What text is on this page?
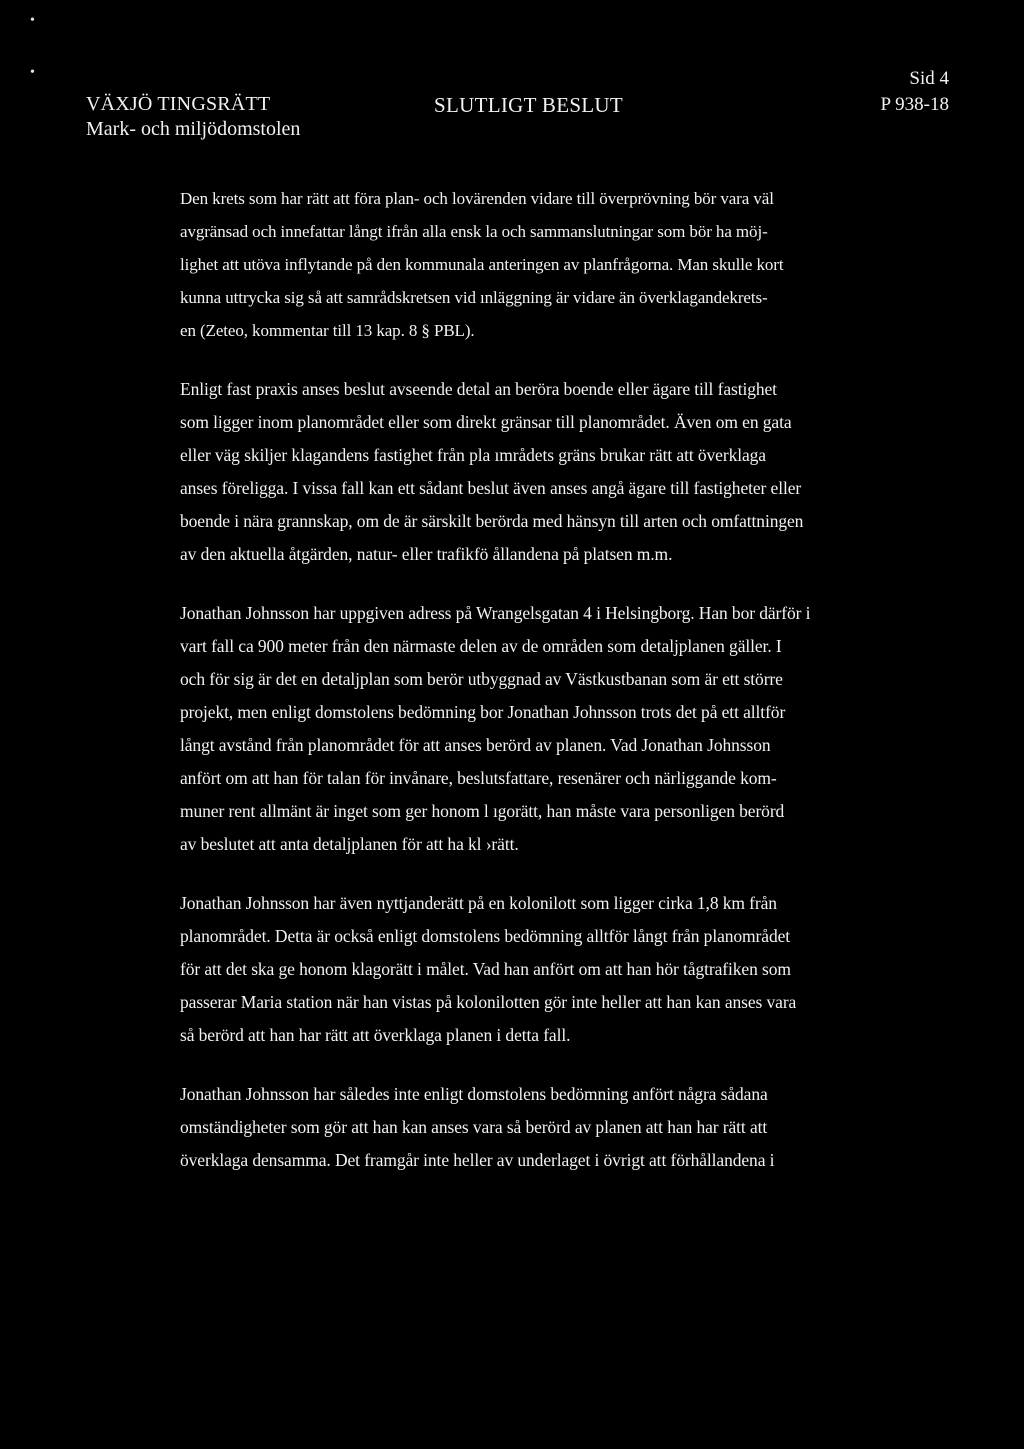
•
•
VÄXJÖ TINGSRÄTT
Mark- och miljödomstolen
SLUTLIGT BESLUT
Sid 4
P 938-18
Den krets som har rätt att föra plan- och lovärenden vidare till överprövning bör vara väl
avgränsad och innefattar långt ifrån alla ensk la och sammanslutningar som bör ha möj-
lighet att utöva inflytande på den kommunala anteringen av planfrågorna. Man skulle kort
kunna uttrycka sig så att samrådskretsen vid ınläggning är vidare än överklagandekrets-
en (Zeteo, kommentar till 13 kap. 8 § PBL).
Enligt fast praxis anses beslut avseende detal an beröra boende eller ägare till fastighet
som ligger inom planområdet eller som direkt gränsar till planområdet. Även om en gata
eller väg skiljer klagandens fastighet från pla ımrådets gräns brukar rätt att överklaga
anses föreligga. I vissa fall kan ett sådant beslut även anses angå ägare till fastigheter eller
boende i nära grannskap, om de är särskilt berörda med hänsyn till arten och omfattningen
av den aktuella åtgärden, natur- eller trafikfö ållandena på platsen m.m.
Jonathan Johnsson har uppgiven adress på Wrangelsgatan 4 i Helsingborg. Han bor därför i
vart fall ca 900 meter från den närmaste delen av de områden som detaljplanen gäller. I
och för sig är det en detaljplan som berör utbyggnad av Västkustbanan som är ett större
projekt, men enligt domstolens bedömning bor Jonathan Johnsson trots det på ett alltför
långt avstånd från planområdet för att anses berörd av planen. Vad Jonathan Johnsson
anfört om att han för talan för invånare, beslutsfattare, resenärer och närliggande kom-
muner rent allmänt är inget som ger honom l ıgorätt, han måste vara personligen berörd
av beslutet att anta detaljplanen för att ha kl ›rätt.
Jonathan Johnsson har även nyttjanderätt på en kolonilott som ligger cirka 1,8 km från
planområdet. Detta är också enligt domstolens bedömning alltför långt från planområdet
för att det ska ge honom klagorätt i målet. Vad han anfört om att han hör tågtrafiken som
passerar Maria station när han vistas på kolonilotten gör inte heller att han kan anses vara
så berörd att han har rätt att överklaga planen i detta fall.
Jonathan Johnsson har således inte enligt domstolens bedömning anfört några sådana
omständigheter som gör att han kan anses vara så berörd av planen att han har rätt att
överklaga densamma. Det framgår inte heller av underlaget i övrigt att förhållandena i
